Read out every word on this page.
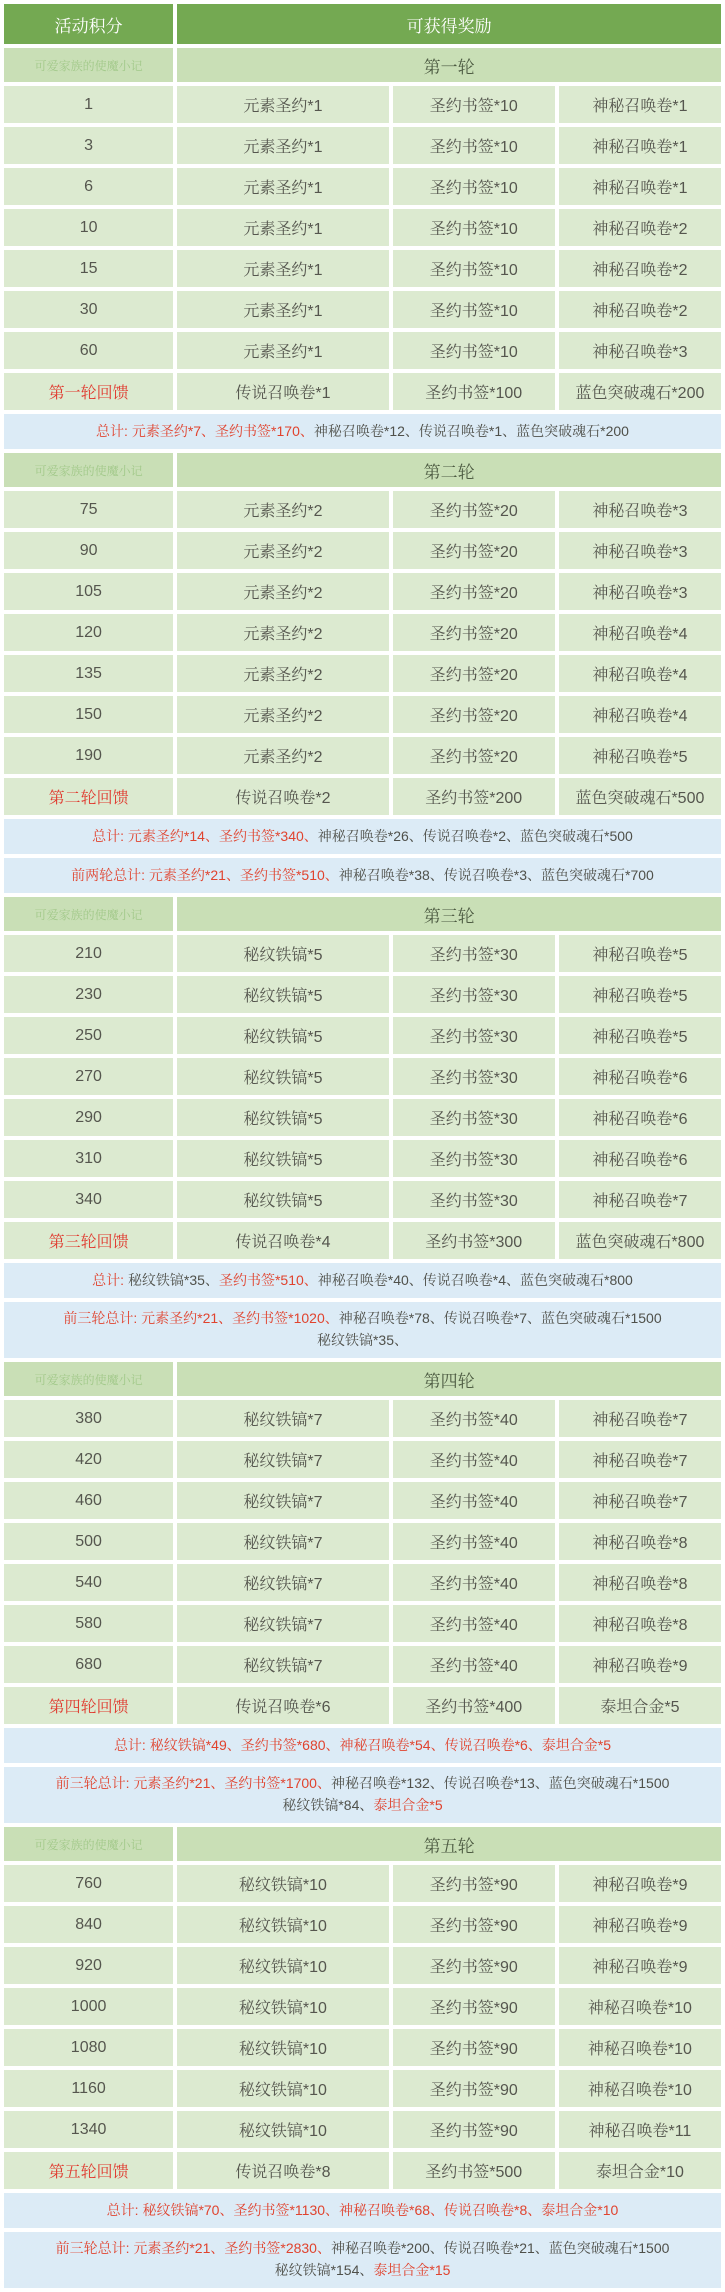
活动积分	可获得奖励		
可爱家族的使魔小记	第一轮		
1	元素圣约*1	圣约书签*10	神秘召唤卷*1
3	元素圣约*1	圣约书签*10	神秘召唤卷*1
6	元素圣约*1	圣约书签*10	神秘召唤卷*1
10	元素圣约*1	圣约书签*10	神秘召唤卷*2
15	元素圣约*1	圣约书签*10	神秘召唤卷*2
30	元素圣约*1	圣约书签*10	神秘召唤卷*2
60	元素圣约*1	圣约书签*10	神秘召唤卷*3
第一轮回馈	传说召唤卷*1	圣约书签*100	蓝色突破魂石*200

总计: 元素圣约*7、圣约书签*170、神秘召唤卷*12、传说召唤卷*1、蓝色突破魂石*200			

可爱家族的使魔小记	第二轮		
75	元素圣约*2	圣约书签*20	神秘召唤卷*3
90	元素圣约*2	圣约书签*20	神秘召唤卷*3
105	元素圣约*2	圣约书签*20	神秘召唤卷*3
120	元素圣约*2	圣约书签*20	神秘召唤卷*4
135	元素圣约*2	圣约书签*20	神秘召唤卷*4
150	元素圣约*2	圣约书签*20	神秘召唤卷*4
190	元素圣约*2	圣约书签*20	神秘召唤卷*5
第二轮回馈	传说召唤卷*2	圣约书签*200	蓝色突破魂石*500

总计: 元素圣约*14、圣约书签*340、神秘召唤卷*26、传说召唤卷*2、蓝色突破魂石*500			

前两轮总计: 元素圣约*21、圣约书签*510、神秘召唤卷*38、传说召唤卷*3、蓝色突破魂石*700			

可爱家族的使魔小记	第三轮		
210	秘纹铁镐*5	圣约书签*30	神秘召唤卷*5
230	秘纹铁镐*5	圣约书签*30	神秘召唤卷*5
250	秘纹铁镐*5	圣约书签*30	神秘召唤卷*5
270	秘纹铁镐*5	圣约书签*30	神秘召唤卷*6
290	秘纹铁镐*5	圣约书签*30	神秘召唤卷*6
310	秘纹铁镐*5	圣约书签*30	神秘召唤卷*6
340	秘纹铁镐*5	圣约书签*30	神秘召唤卷*7
第三轮回馈	传说召唤卷*4	圣约书签*300	蓝色突破魂石*800

总计: 秘纹铁镐*35、圣约书签*510、神秘召唤卷*40、传说召唤卷*4、蓝色突破魂石*800			

前三轮总计: 元素圣约*21、圣约书签*1020、神秘召唤卷*78、传说召唤卷*7、蓝色突破魂石*1500
秘纹铁镐*35、			

可爱家族的使魔小记	第四轮		
380	秘纹铁镐*7	圣约书签*40	神秘召唤卷*7
420	秘纹铁镐*7	圣约书签*40	神秘召唤卷*7
460	秘纹铁镐*7	圣约书签*40	神秘召唤卷*7
500	秘纹铁镐*7	圣约书签*40	神秘召唤卷*8
540	秘纹铁镐*7	圣约书签*40	神秘召唤卷*8
580	秘纹铁镐*7	圣约书签*40	神秘召唤卷*8
680	秘纹铁镐*7	圣约书签*40	神秘召唤卷*9
第四轮回馈	传说召唤卷*6	圣约书签*400	泰坦合金*5

总计: 秘纹铁镐*49、圣约书签*680、神秘召唤卷*54、传说召唤卷*6、泰坦合金*5			

前三轮总计: 元素圣约*21、圣约书签*1700、神秘召唤卷*132、传说召唤卷*13、蓝色突破魂石*1500
秘纹铁镐*84、泰坦合金*5			

可爱家族的使魔小记	第五轮		
760	秘纹铁镐*10	圣约书签*90	神秘召唤卷*9
840	秘纹铁镐*10	圣约书签*90	神秘召唤卷*9
920	秘纹铁镐*10	圣约书签*90	神秘召唤卷*9
1000	秘纹铁镐*10	圣约书签*90	神秘召唤卷*10
1080	秘纹铁镐*10	圣约书签*90	神秘召唤卷*10
1160	秘纹铁镐*10	圣约书签*90	神秘召唤卷*10
1340	秘纹铁镐*10	圣约书签*90	神秘召唤卷*11
第五轮回馈	传说召唤卷*8	圣约书签*500	泰坦合金*10

总计: 秘纹铁镐*70、圣约书签*1130、神秘召唤卷*68、传说召唤卷*8、泰坦合金*10			

前三轮总计: 元素圣约*21、圣约书签*2830、神秘召唤卷*200、传说召唤卷*21、蓝色突破魂石*1500
秘纹铁镐*154、泰坦合金*15			
